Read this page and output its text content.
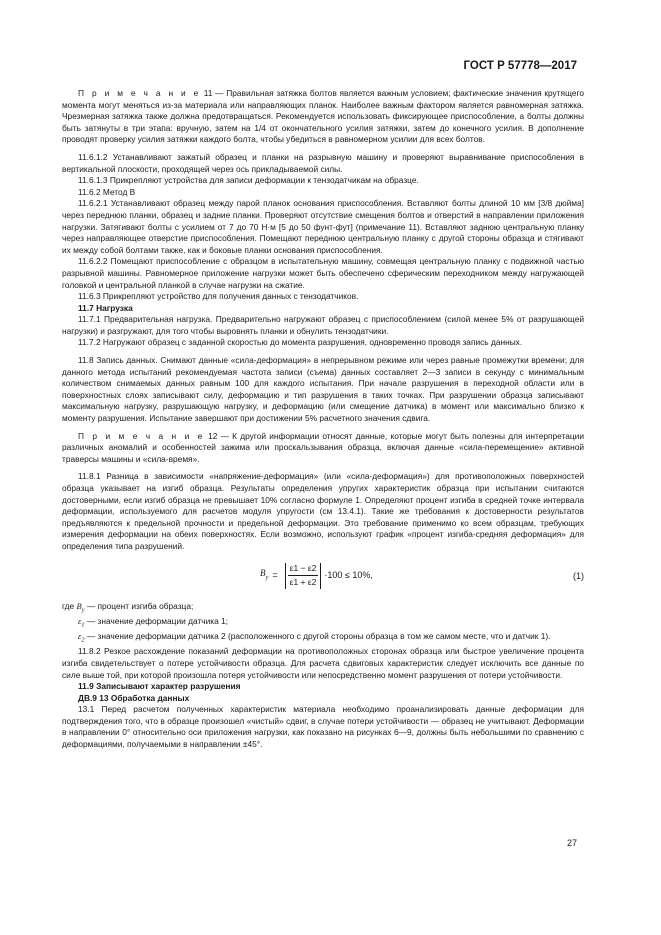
ГОСТ Р 57778—2017

П р и м е ч а н и е 11 — Правильная затяжка болтов является важным условием; фактические значения крутящего момента могут меняться из-за материала или направляющих планок. Наиболее важным фактором является равномерная затяжка. Чрезмерная затяжка также должна предотвращаться. Рекомендуется использовать фиксирующее приспособление, а болты должны быть затянуты в три этапа: вручную, затем на 1/4 от окончательного усилия затяжки, затем до конечного усилия. В дополнение проводят проверку усилия затяжки каждого болта, чтобы убедиться в равномерном усилии для всех болтов.

11.6.1.2 Устанавливают зажатый образец и планки на разрывную машину и проверяют выравнивание приспособления в вертикальной плоскости, проходящей через ось прикладываемой силы.

11.6.1.3 Прикрепляют устройства для записи деформации к тензодатчикам на образце.

11.6.2 Метод В

11.6.2.1 Устанавливают образец между парой планок основания приспособления. Вставляют болты длиной 10 мм [3/8 дюйма] через переднюю планки, образец и задние планки. Проверяют отсутствие смещения болтов и отверстий в направлении приложения нагрузки. Затягивают болты с усилием от 7 до 70 Н·м [5 до 50 фунт-фут] (примечание 11). Вставляют заднюю центральную планку через направляющее отверстие приспособления. Помещают переднюю центральную планку с другой стороны образца и стягивают их между собой болтами также, как и боковые планки основания приспособления.

11.6.2.2 Помещают приспособление с образцом в испытательную машину, совмещая центральную планку с подвижной частью разрывной машины. Равномерное приложение нагрузки может быть обеспечено сферическим переходником между нагружающей головкой и центральной планкой в случае нагрузки на сжатие.

11.6.3 Прикрепляют устройство для получения данных с тензодатчиков.

11.7 Нагрузка

11.7.1 Предварительная нагрузка. Предварительно нагружают образец с приспособлением (силой менее 5% от разрушающей нагрузки) и разгружают, для того чтобы выровнять планки и обнулить тензодатчики.

11.7.2 Нагружают образец с заданной скоростью до момента разрушения, одновременно проводя запись данных.

11.8 Запись данных. Снимают данные «сила-деформация» в непрерывном режиме или через равные промежутки времени; для данного метода испытаний рекомендуемая частота записи (съема) данных составляет 2—3 записи в секунду с минимальным количеством снимаемых данных равным 100 для каждого испытания. При начале разрушения в переходной области или в поверхностных слоях записывают силу, деформацию и тип разрушения в таких точках. При разрушении образца записывают максимальную нагрузку, разрушающую нагрузку, и деформацию (или смещение датчика) в момент или максимально близко к моменту разрушения. Испытание завершают при достижении 5% расчетного значения сдвига.

П р и м е ч а н и е 12 — К другой информации относят данные, которые могут быть полезны для интерпретации различных аномалий и особенностей зажима или проскальзывания образца, включая данные «сила-перемещение» активной траверсы машины и «сила-время».

11.8.1 Разница в зависимости «напряжение-деформация» (или «сила-деформация») для противоположных поверхностей образца указывает на изгиб образца. Результаты определения упругих характеристик образца при испытании считаются достоверными, если изгиб образца не превышает 10% согласно формуле 1. Определяют процент изгиба в средней точке интервала деформации, используемого для расчетов модуля упругости (см 13.4.1). Такие же требования к достоверности результатов предъявляются к предельной прочности и предельной деформации. Это требование применимо ко всем образцам, требующих измерения деформации на обеих поверхностях. Если возможно, используют график «процент изгиба-средняя деформация» для определения типа разрушений.

$B_y = \frac{\varepsilon 1 - \varepsilon 2}{\varepsilon 1 + \varepsilon 2} \cdot 100 \le 10\%$,	(1)

где $B_y$ — процент изгиба образца;

$\varepsilon_1$ — значение деформации датчика 1;

$\varepsilon_2$ — значение деформации датчика 2 (расположенного с другой стороны образца в том же самом месте, что и датчик 1).

11.8.2 Резкое расхождение показаний деформации на противоположных сторонах образца или быстрое увеличение процента изгиба свидетельствует о потере устойчивости образца. Для расчета сдвиговых характеристик следует исключить все данные по силе выше той, при которой произошла потеря устойчивости или непосредственно момент разрушения от потери устойчивости.

11.9 Записывают характер разрушения

ДВ.9 13 Обработка данных

13.1 Перед расчетом полученных характеристик материала необходимо проанализировать данные деформации для подтверждения того, что в образце произошел «чистый» сдвиг, в случае потери устойчивости — образец не учитывают. Деформации в направлении 0° относительно оси приложения нагрузки, как показано на рисунках 6—9, должны быть небольшими по сравнению с деформациями, получаемыми в направлении ±45°.

27
